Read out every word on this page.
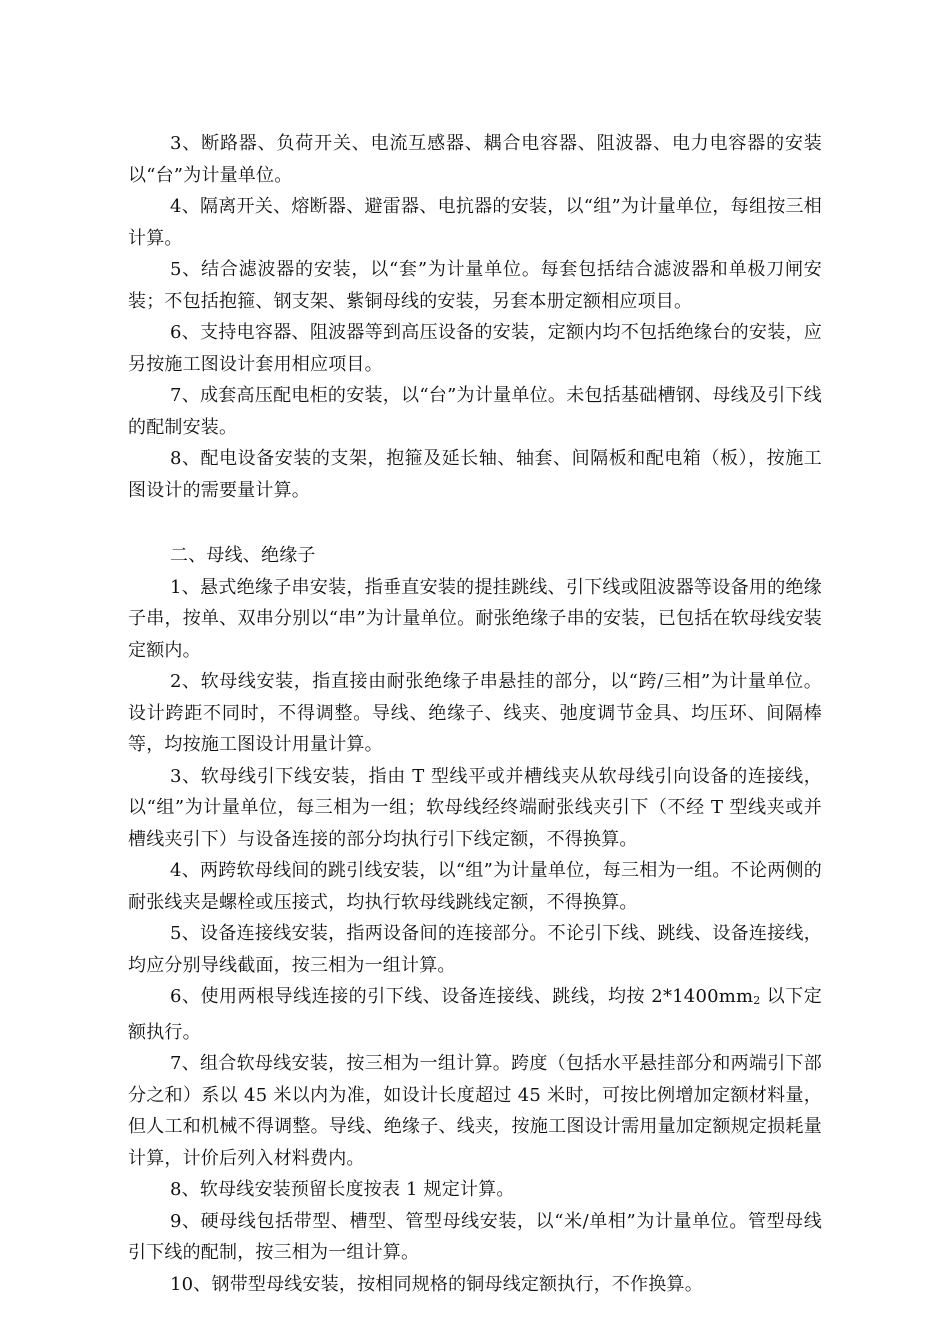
3、断路器、负荷开关、电流互感器、耦合电容器、阻波器、电力电容器的安装以“台”为计量单位。

4、隔离开关、熔断器、避雷器、电抗器的安装，以“组”为计量单位，每组按三相计算。

5、结合滤波器的安装，以“套”为计量单位。每套包括结合滤波器和单极刀闸安装；不包括抱箍、钢支架、紫铜母线的安装，另套本册定额相应项目。

6、支持电容器、阻波器等到高压设备的安装，定额内均不包括绝缘台的安装，应另按施工图设计套用相应项目。

7、成套高压配电柜的安装，以“台”为计量单位。未包括基础槽钢、母线及引下线的配制安装。

8、配电设备安装的支架，抱箍及延长轴、轴套、间隔板和配电箱（板），按施工图设计的需要量计算。

二、母线、绝缘子

1、悬式绝缘子串安装，指垂直安装的提挂跳线、引下线或阻波器等设备用的绝缘子串，按单、双串分别以“串”为计量单位。耐张绝缘子串的安装，已包括在软母线安装定额内。

2、软母线安装，指直接由耐张绝缘子串悬挂的部分，以“跨/三相”为计量单位。设计跨距不同时，不得调整。导线、绝缘子、线夹、弛度调节金具、均压环、间隔棒等，均按施工图设计用量计算。

3、软母线引下线安装，指由 T 型线平或并槽线夹从软母线引向设备的连接线，以“组”为计量单位，每三相为一组；软母线经终端耐张线夹引下（不经 T 型线夹或并槽线夹引下）与设备连接的部分均执行引下线定额，不得换算。

4、两跨软母线间的跳引线安装，以“组”为计量单位，每三相为一组。不论两侧的耐张线夹是螺栓或压接式，均执行软母线跳线定额，不得换算。

5、设备连接线安装，指两设备间的连接部分。不论引下线、跳线、设备连接线，均应分别导线截面，按三相为一组计算。

6、使用两根导线连接的引下线、设备连接线、跳线，均按 2*1400mm2 以下定额执行。

7、组合软母线安装，按三相为一组计算。跨度（包括水平悬挂部分和两端引下部分之和）系以 45 米以内为准，如设计长度超过 45 米时，可按比例增加定额材料量，但人工和机械不得调整。导线、绝缘子、线夹，按施工图设计需用量加定额规定损耗量计算，计价后列入材料费内。

8、软母线安装预留长度按表 1 规定计算。

9、硬母线包括带型、槽型、管型母线安装，以“米/单相”为计量单位。管型母线引下线的配制，按三相为一组计算。

10、钢带型母线安装，按相同规格的铜母线定额执行，不作换算。
